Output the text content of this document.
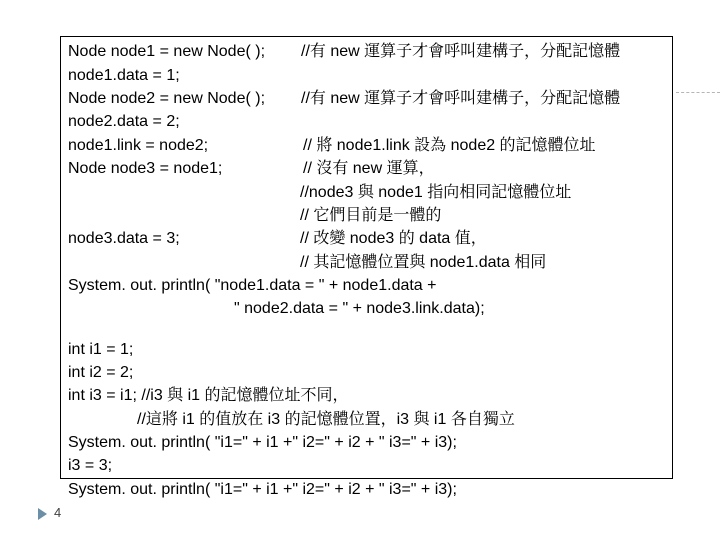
Node node1 = new Node( ); //有 new 運算子才會呼叫建構子，分配記憶體
node1.data = 1;
Node node2 = new Node( ); //有 new 運算子才會呼叫建構子，分配記憶體
node2.data = 2;
node1.link = node2;	// 將 node1.link 設為 node2 的記憶體位址
Node node3 = node1;	// 沒有 new 運算，
//node3 與 node1 指向相同記憶體位址
// 它們目前是一體的
node3.data = 3;	// 改變 node3 的 data 值，
// 其記憶體位置與 node1.data 相同
System. out. println( "node1.data = " + node1.data +
" node2.data = " + node3.link.data);
int i1 = 1;
int i2 = 2;
int i3 = i1; //i3 與 i1 的記憶體位址不同，
//這將 i1 的值放在 i3 的記憶體位置，i3 與 i1 各自獨立
System. out. println( "i1=" + i1 +" i2=" + i2 + " i3=" + i3);
i3 = 3;
System. out. println( "i1=" + i1 +" i2=" + i2 + " i3=" + i3);
4
